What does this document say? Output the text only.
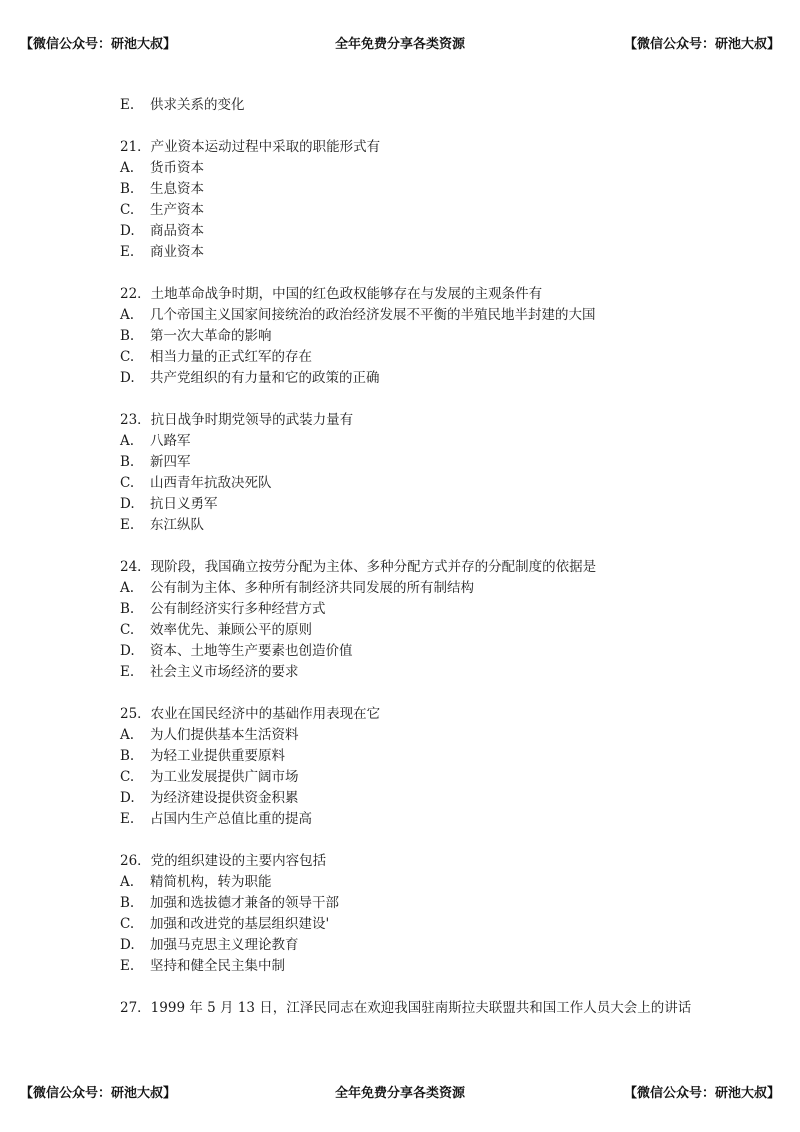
【微信公众号：研池大叔】	全年免费分享各类资源	【微信公众号：研池大叔】
E. 供求关系的变化
21．产业资本运动过程中采取的职能形式有
A. 货币资本
B. 生息资本
C. 生产资本
D. 商品资本
E. 商业资本
22．土地革命战争时期，中国的红色政权能够存在与发展的主观条件有
A. 几个帝国主义国家间接统治的政治经济发展不平衡的半殖民地半封建的大国
B. 第一次大革命的影响
C. 相当力量的正式红军的存在
D. 共产党组织的有力量和它的政策的正确
23．抗日战争时期党领导的武装力量有
A. 八路军
B. 新四军
C. 山西青年抗敌决死队
D. 抗日义勇军
E. 东江纵队
24．现阶段，我国确立按劳分配为主体、多种分配方式并存的分配制度的依据是
A. 公有制为主体、多种所有制经济共同发展的所有制结构
B. 公有制经济实行多种经营方式
C. 效率优先、兼顾公平的原则
D. 资本、土地等生产要素也创造价值
E. 社会主义市场经济的要求
25．农业在国民经济中的基础作用表现在它
A. 为人们提供基本生活资料
B. 为轻工业提供重要原料
C. 为工业发展提供广阔市场
D. 为经济建设提供资金积累
E. 占国内生产总值比重的提高
26．党的组织建设的主要内容包括
A. 精简机构，转为职能
B. 加强和选拔德才兼备的领导干部
C. 加强和改进党的基层组织建设'
D. 加强马克思主义理论教育
E. 坚持和健全民主集中制
27．1999 年 5 月 13 日，江泽民同志在欢迎我国驻南斯拉夫联盟共和国工作人员大会上的讲话
【微信公众号：研池大叔】	全年免费分享各类资源	【微信公众号：研池大叔】
